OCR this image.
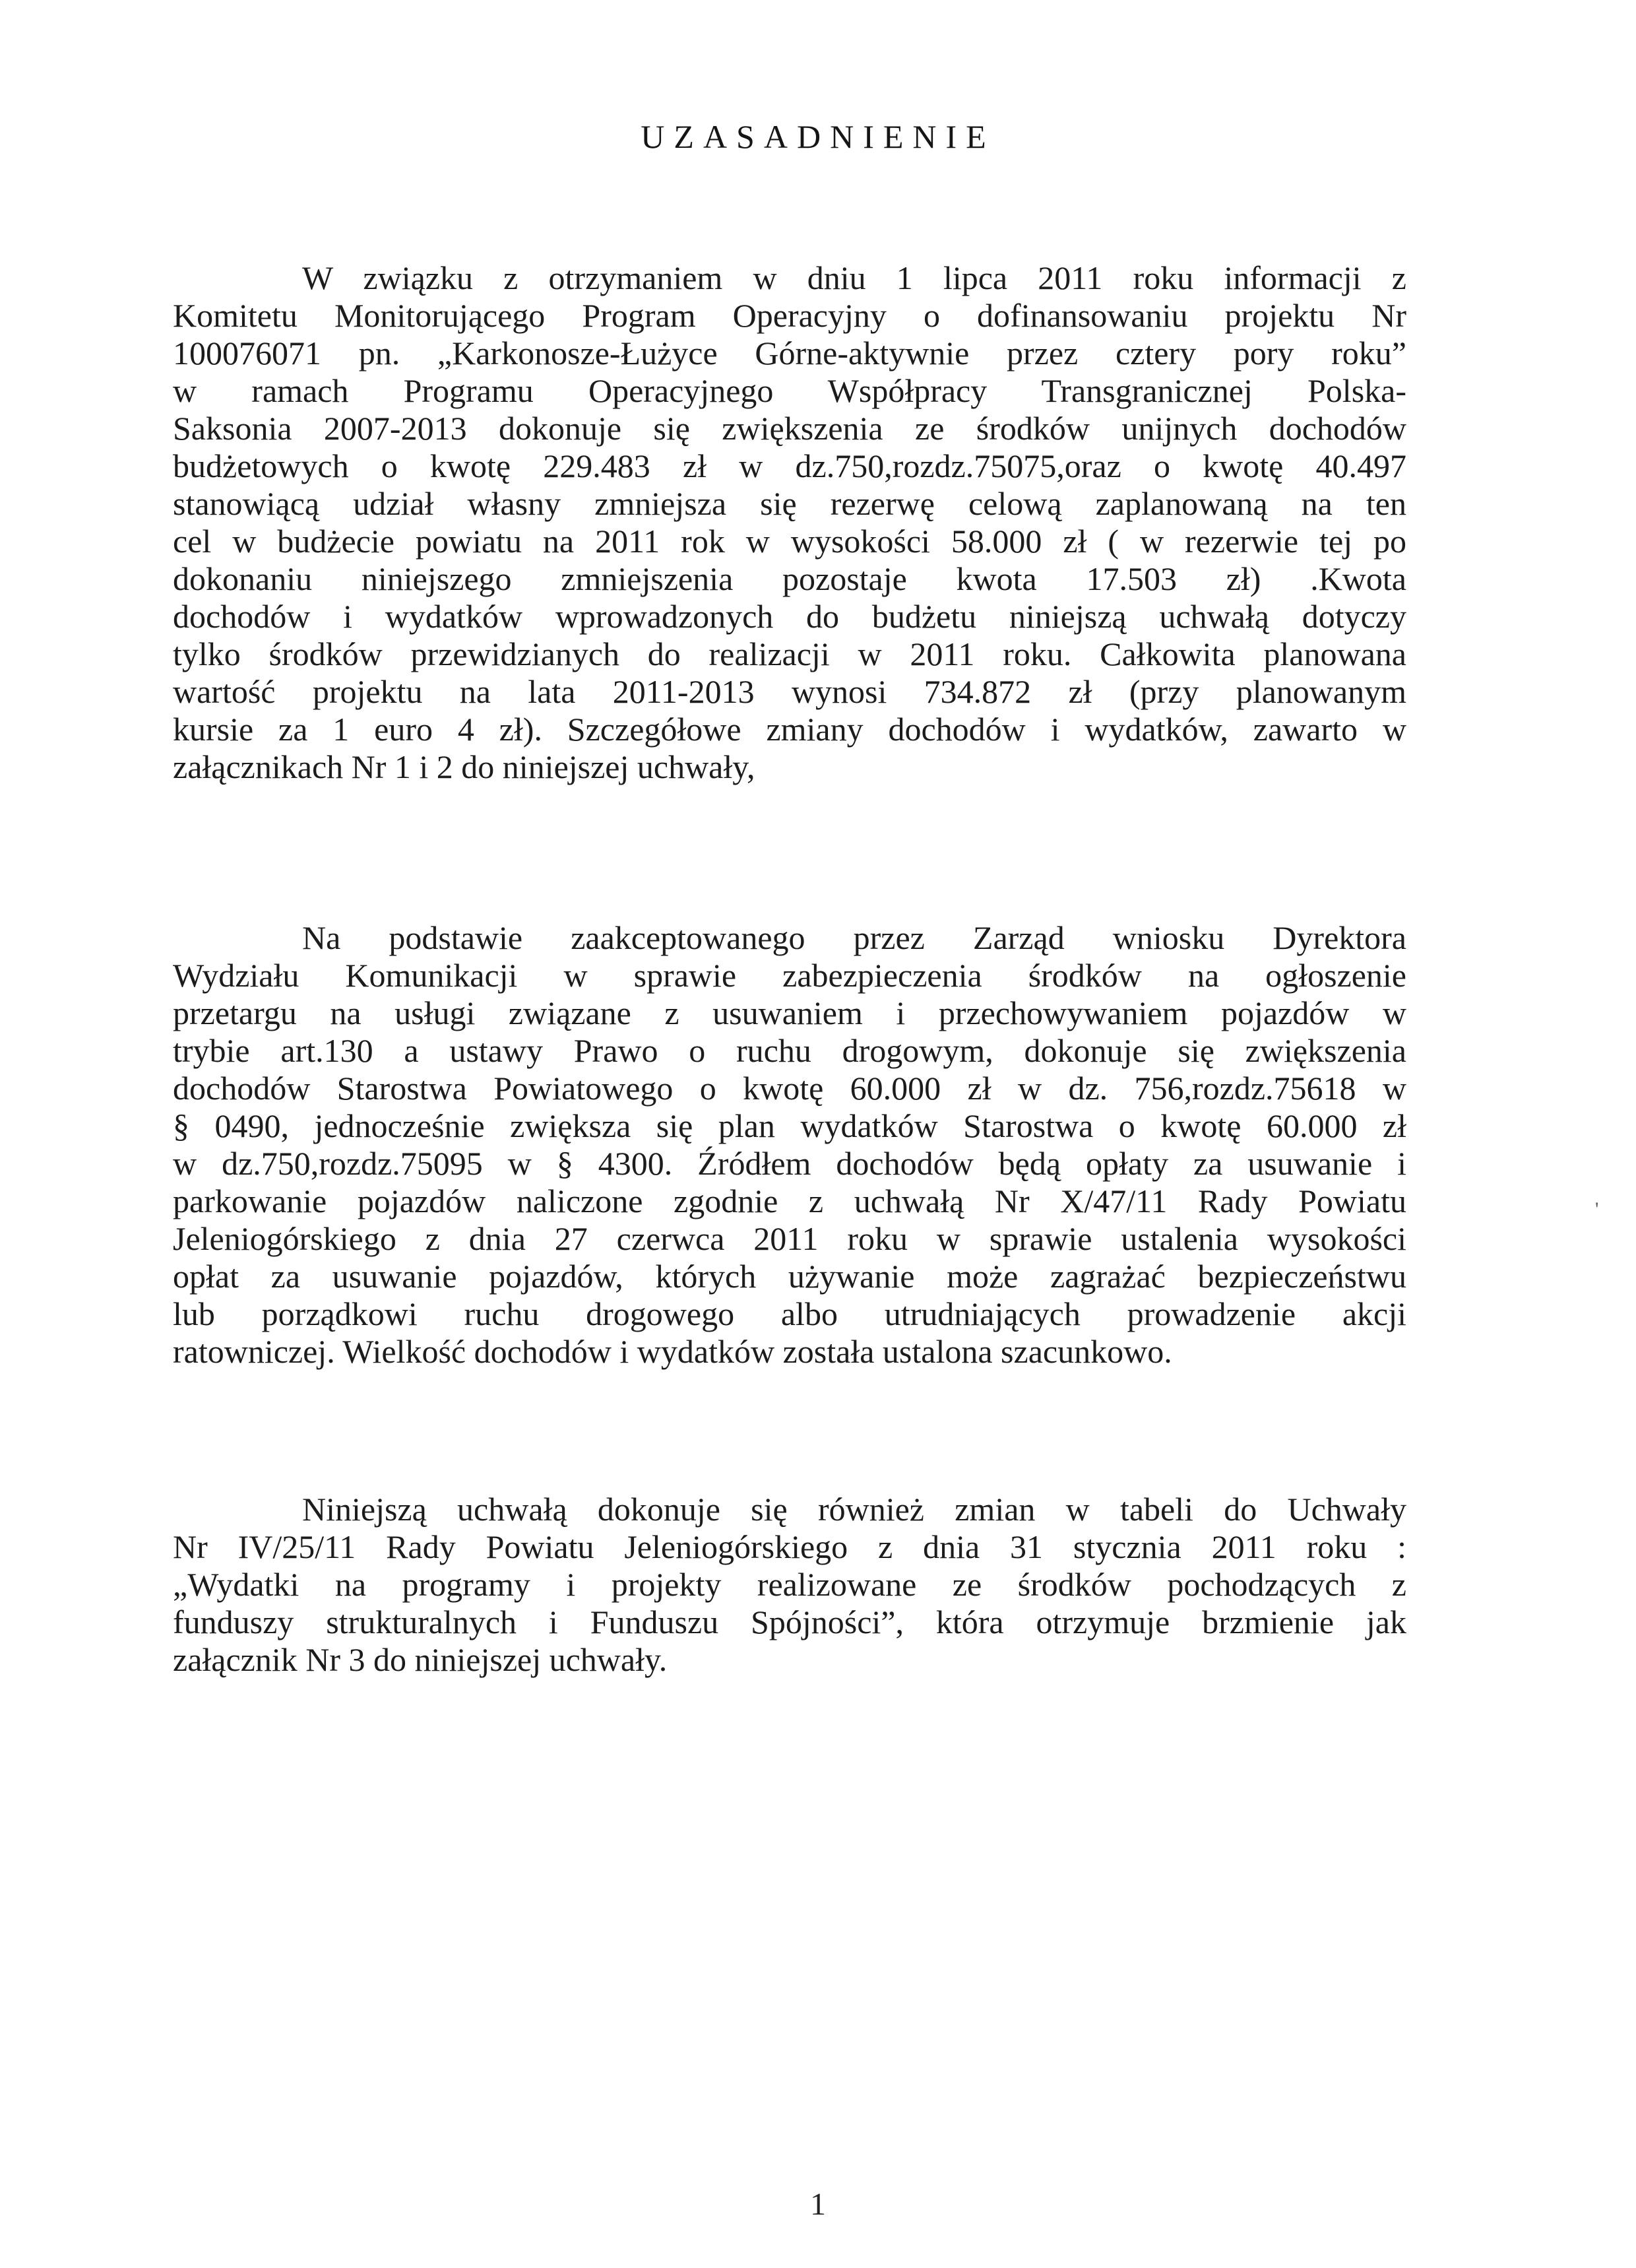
UZASADNIENIE
W związku z otrzymaniem w dniu 1 lipca 2011 roku informacji z
Komitetu Monitorującego Program Operacyjny o dofinansowaniu projektu Nr
100076071 pn. „Karkonosze-Łużyce Górne-aktywnie przez cztery pory roku”
w ramach Programu Operacyjnego Współpracy Transgranicznej Polska-
Saksonia 2007-2013 dokonuje się zwiększenia ze środków unijnych dochodów
budżetowych o kwotę 229.483 zł w dz.750,rozdz.75075,oraz o kwotę 40.497
stanowiącą udział własny zmniejsza się rezerwę celową zaplanowaną na ten
cel w budżecie powiatu na 2011 rok w wysokości 58.000 zł ( w rezerwie tej po
dokonaniu niniejszego zmniejszenia pozostaje kwota 17.503 zł) .Kwota
dochodów i wydatków wprowadzonych do budżetu niniejszą uchwałą dotyczy
tylko środków przewidzianych do realizacji w 2011 roku. Całkowita planowana
wartość projektu na lata 2011-2013 wynosi 734.872 zł (przy planowanym
kursie za 1 euro 4 zł). Szczegółowe zmiany dochodów i wydatków, zawarto w
załącznikach Nr 1 i 2 do niniejszej uchwały,
Na podstawie zaakceptowanego przez Zarząd wniosku Dyrektora
Wydziału Komunikacji w sprawie zabezpieczenia środków na ogłoszenie
przetargu na usługi związane z usuwaniem i przechowywaniem pojazdów w
trybie art.130 a ustawy Prawo o ruchu drogowym, dokonuje się zwiększenia
dochodów Starostwa Powiatowego o kwotę 60.000 zł w dz. 756,rozdz.75618 w
§ 0490, jednocześnie zwiększa się plan wydatków Starostwa o kwotę 60.000 zł
w dz.750,rozdz.75095 w § 4300. Źródłem dochodów będą opłaty za usuwanie i
parkowanie pojazdów naliczone zgodnie z uchwałą Nr X/47/11 Rady Powiatu
Jeleniogórskiego z dnia 27 czerwca 2011 roku w sprawie ustalenia wysokości
opłat za usuwanie pojazdów, których używanie może zagrażać bezpieczeństwu
lub porządkowi ruchu drogowego albo utrudniających prowadzenie akcji
ratowniczej. Wielkość dochodów i wydatków została ustalona szacunkowo.
Niniejszą uchwałą dokonuje się również zmian w tabeli do Uchwały
Nr IV/25/11 Rady Powiatu Jeleniogórskiego z dnia 31 stycznia 2011 roku :
„Wydatki na programy i projekty realizowane ze środków pochodzących z
funduszy strukturalnych i Funduszu Spójności”, która otrzymuje brzmienie jak
załącznik Nr 3 do niniejszej uchwały.
'
1
